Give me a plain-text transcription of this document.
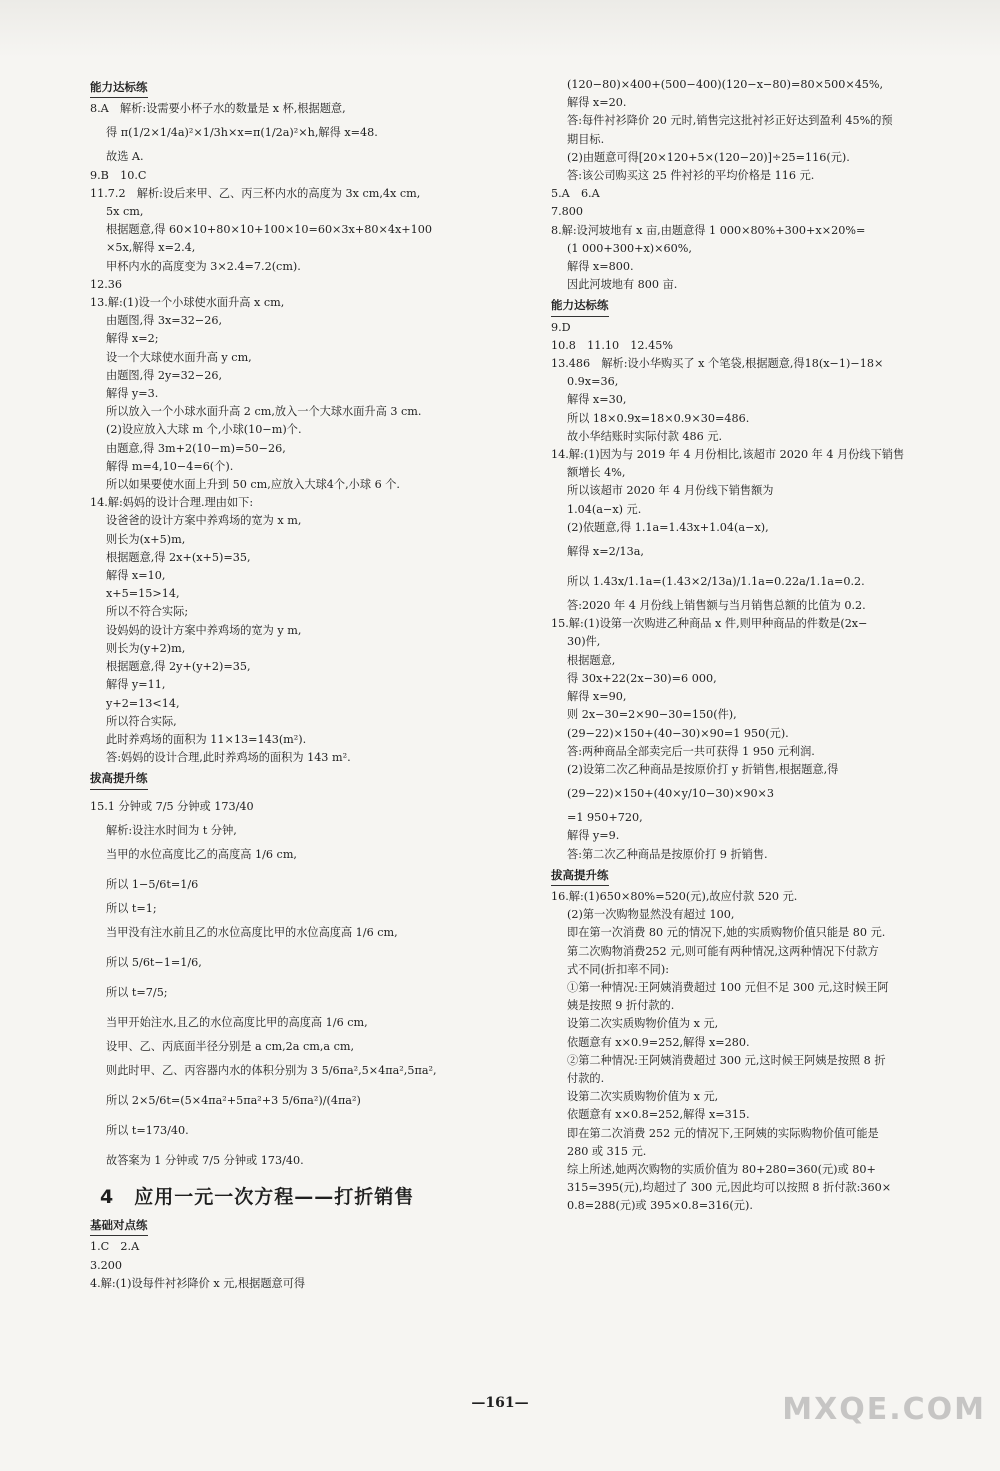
能力达标练
8.A　解析:设需要小杯子水的数量是 x 杯,根据题意,
得 π(1/2×1/4a)²×1/3h×x=π(1/2a)²×h,解得 x=48.
故选 A.
9.B　10.C
11.7.2　解析:设后来甲、乙、丙三杯内水的高度为 3x cm,4x cm,
5x cm,
根据题意,得 60×10+80×10+100×10=60×3x+80×4x+100
×5x,解得 x=2.4,
甲杯内水的高度变为 3×2.4=7.2(cm).
12.36
13.解:(1)设一个小球使水面升高 x cm,
由题图,得 3x=32−26,
解得 x=2;
设一个大球使水面升高 y cm,
由题图,得 2y=32−26,
解得 y=3.
所以放入一个小球水面升高 2 cm,放入一个大球水面升高 3 cm.
(2)设应放入大球 m 个,小球(10−m)个.
由题意,得 3m+2(10−m)=50−26,
解得 m=4,10−4=6(个).
所以如果要使水面上升到 50 cm,应放入大球4个,小球 6 个.
14.解:妈妈的设计合理.理由如下:
设爸爸的设计方案中养鸡场的宽为 x m,
则长为(x+5)m,
根据题意,得 2x+(x+5)=35,
解得 x=10,
x+5=15>14,
所以不符合实际;
设妈妈的设计方案中养鸡场的宽为 y m,
则长为(y+2)m,
根据题意,得 2y+(y+2)=35,
解得 y=11,
y+2=13<14,
所以符合实际,
此时养鸡场的面积为 11×13=143(m²).
答:妈妈的设计合理,此时养鸡场的面积为 143 m².
拔高提升练
15.1 分钟或 7/5 分钟或 173/40
解析:设注水时间为 t 分钟,
当甲的水位高度比乙的高度高 1/6 cm,
所以 1−5/6t=1/6
所以 t=1;
当甲没有注水前且乙的水位高度比甲的水位高度高 1/6 cm,
所以 5/6t−1=1/6,
所以 t=7/5;
当甲开始注水,且乙的水位高度比甲的高度高 1/6 cm,
设甲、乙、丙底面半径分别是 a cm,2a cm,a cm,
则此时甲、乙、丙容器内水的体积分别为 3 5/6πa²,5×4πa²,5πa²,
所以 2×5/6t=(5×4πa²+5πa²+3 5/6πa²)/(4πa²)
所以 t=173/40.
故答案为 1 分钟或 7/5 分钟或 173/40.
4　应用一元一次方程——打折销售
基础对点练
1.C　2.A
3.200
4.解:(1)设每件衬衫降价 x 元,根据题意可得
(120−80)×400+(500−400)(120−x−80)=80×500×45%,
解得 x=20.
答:每件衬衫降价 20 元时,销售完这批衬衫正好达到盈利 45%的预
期目标.
(2)由题意可得[20×120+5×(120−20)]÷25=116(元).
答:该公司购买这 25 件衬衫的平均价格是 116 元.
5.A　6.A
7.800
8.解:设河坡地有 x 亩,由题意得 1 000×80%+300+x×20%=
(1 000+300+x)×60%,
解得 x=800.
因此河坡地有 800 亩.
能力达标练
9.D
10.8　11.10　12.45%
13.486　解析:设小华购买了 x 个笔袋,根据题意,得18(x−1)−18×
0.9x=36,
解得 x=30,
所以 18×0.9x=18×0.9×30=486.
故小华结账时实际付款 486 元.
14.解:(1)因为与 2019 年 4 月份相比,该超市 2020 年 4 月份线下销售
额增长 4%,
所以该超市 2020 年 4 月份线下销售额为
1.04(a−x) 元.
(2)依题意,得 1.1a=1.43x+1.04(a−x),
解得 x=2/13a,
所以 1.43x/1.1a=(1.43×2/13a)/1.1a=0.22a/1.1a=0.2.
答:2020 年 4 月份线上销售额与当月销售总额的比值为 0.2.
15.解:(1)设第一次购进乙种商品 x 件,则甲种商品的件数是(2x−
30)件,
根据题意,
得 30x+22(2x−30)=6 000,
解得 x=90,
则 2x−30=2×90−30=150(件),
(29−22)×150+(40−30)×90=1 950(元).
答:两种商品全部卖完后一共可获得 1 950 元利润.
(2)设第二次乙种商品是按原价打 y 折销售,根据题意,得
(29−22)×150+(40×y/10−30)×90×3
=1 950+720,
解得 y=9.
答:第二次乙种商品是按原价打 9 折销售.
拔高提升练
16.解:(1)650×80%=520(元),故应付款 520 元.
(2)第一次购物显然没有超过 100,
即在第一次消费 80 元的情况下,她的实质购物价值只能是 80 元.
第二次购物消费252 元,则可能有两种情况,这两种情况下付款方
式不同(折扣率不同):
①第一种情况:王阿姨消费超过 100 元但不足 300 元,这时候王阿
姨是按照 9 折付款的.
设第二次实质购物价值为 x 元,
依题意有 x×0.9=252,解得 x=280.
②第二种情况:王阿姨消费超过 300 元,这时候王阿姨是按照 8 折
付款的.
设第二次实质购物价值为 x 元,
依题意有 x×0.8=252,解得 x=315.
即在第二次消费 252 元的情况下,王阿姨的实际购物价值可能是
280 或 315 元.
综上所述,她两次购物的实质价值为 80+280=360(元)或 80+
315=395(元),均超过了 300 元,因此均可以按照 8 折付款:360×
0.8=288(元)或 395×0.8=316(元).
—161—	MXQE.COM
